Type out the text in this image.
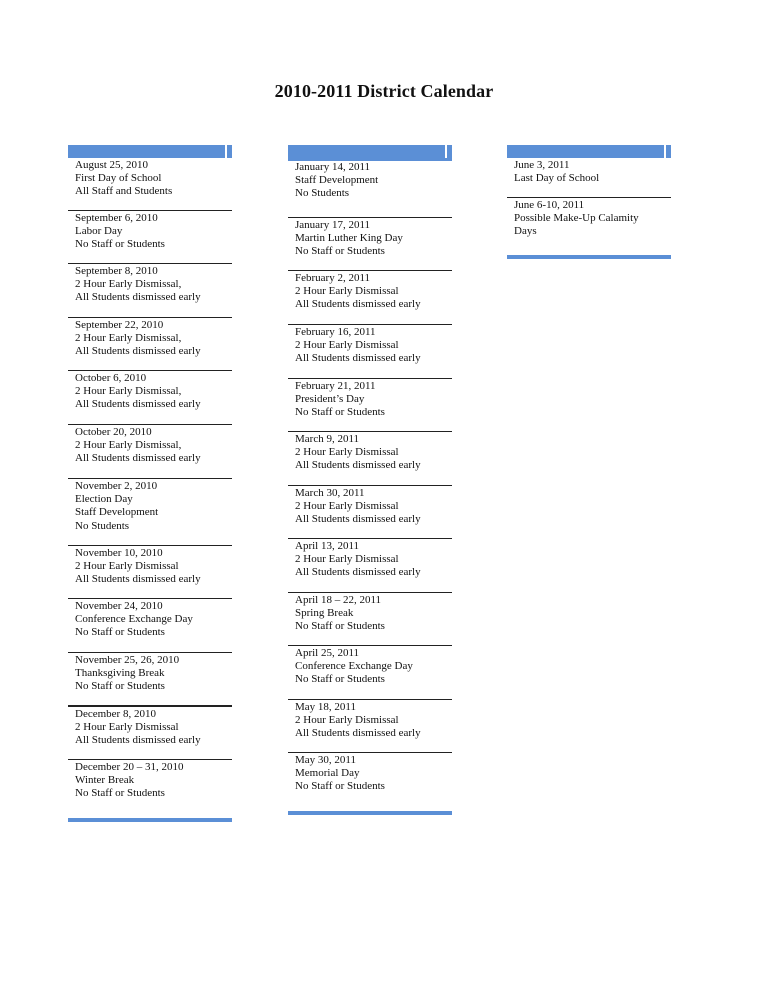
2010-2011 District Calendar
August 25, 2010
First Day of School
All Staff and Students
September 6, 2010
Labor Day
No Staff or Students
September 8, 2010
2 Hour Early Dismissal,
All Students dismissed early
September 22, 2010
2 Hour Early Dismissal,
All Students dismissed early
October 6, 2010
2 Hour Early Dismissal,
All Students dismissed early
October 20, 2010
2 Hour Early Dismissal,
All Students dismissed early
November 2, 2010
Election Day
Staff Development
No Students
November 10, 2010
2 Hour Early Dismissal
All Students dismissed early
November 24, 2010
Conference Exchange Day
No Staff or Students
November 25, 26, 2010
Thanksgiving Break
No Staff or Students
December 8, 2010
2 Hour Early Dismissal
All Students dismissed early
December 20 – 31, 2010
Winter Break
No Staff or Students
January 14, 2011
Staff Development
No Students
January 17, 2011
Martin Luther King Day
No Staff or Students
February 2, 2011
2 Hour Early Dismissal
All Students dismissed early
February 16, 2011
2 Hour Early Dismissal
All Students dismissed early
February 21, 2011
President’s Day
No Staff or Students
March 9, 2011
2 Hour Early Dismissal
All Students dismissed early
March 30, 2011
2 Hour Early Dismissal
All Students dismissed early
April 13, 2011
2 Hour Early Dismissal
All Students dismissed early
April 18 – 22, 2011
Spring Break
No Staff or Students
April 25, 2011
Conference Exchange Day
No Staff or Students
May 18, 2011
2 Hour Early Dismissal
All Students dismissed early
May 30, 2011
Memorial Day
No Staff or Students
June 3, 2011
Last Day of School
June 6-10, 2011
Possible Make-Up Calamity
Days
